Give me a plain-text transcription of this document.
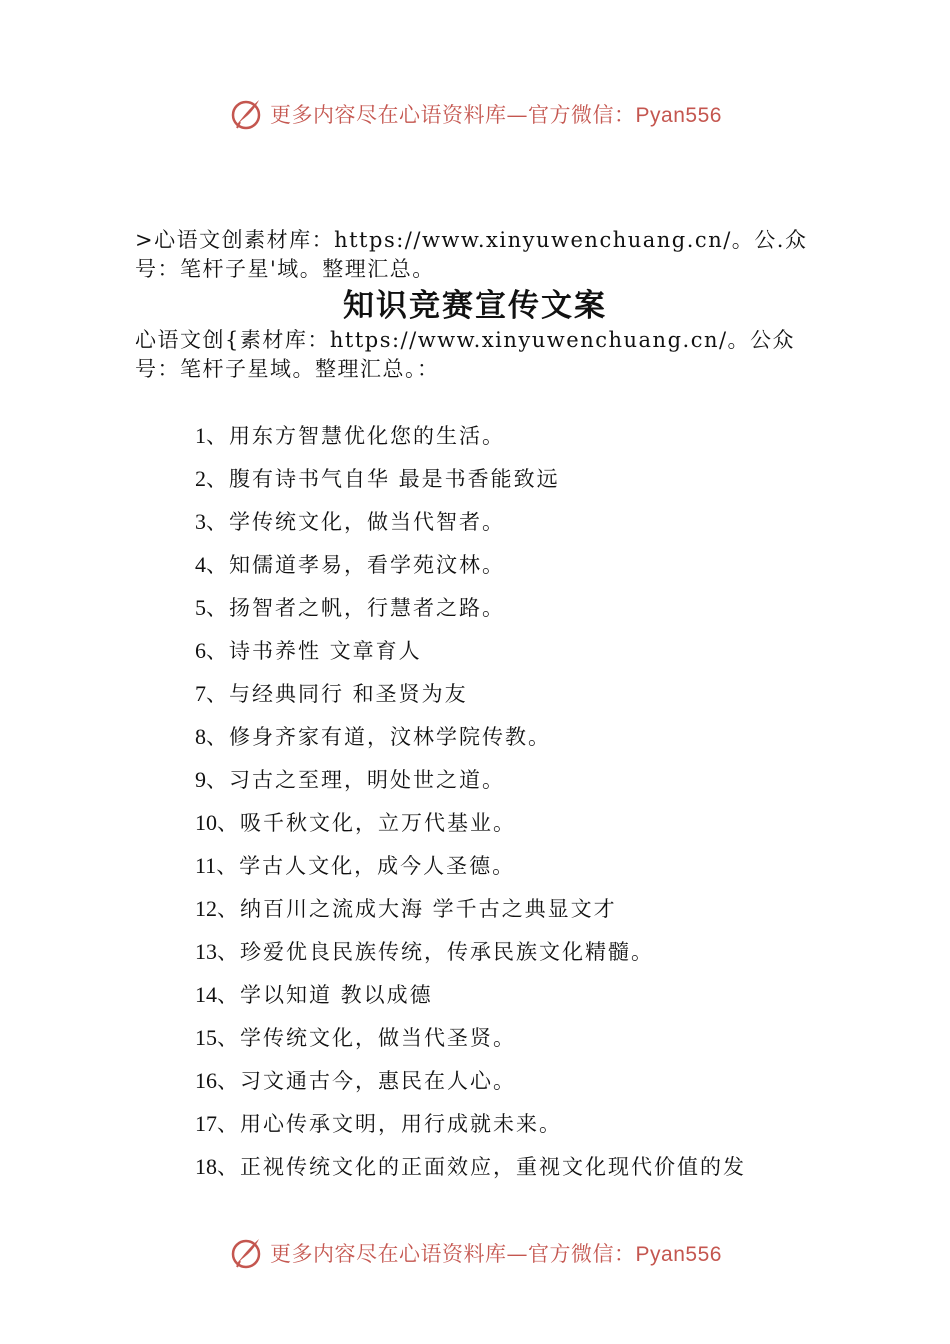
更多内容尽在心语资料库—官方微信：Pyan556
>心语文创素材库：https://www.xinyuwenchuang.cn/。公.众号：笔杆子星'域。整理汇总。
知识竞赛宣传文案
心语文创{素材库：https://www.xinyuwenchuang.cn/。公众号：笔杆子星域。整理汇总。：
1、用东方智慧优化您的生活。
2、腹有诗书气自华 最是书香能致远
3、学传统文化，做当代智者。
4、知儒道孝易，看学苑汶林。
5、扬智者之帆，行慧者之路。
6、诗书养性 文章育人
7、与经典同行 和圣贤为友
8、修身齐家有道，汶林学院传教。
9、习古之至理，明处世之道。
10、吸千秋文化，立万代基业。
11、学古人文化，成今人圣德。
12、纳百川之流成大海 学千古之典显文才
13、珍爱优良民族传统，传承民族文化精髓。
14、学以知道 教以成德
15、学传统文化，做当代圣贤。
16、习文通古今，惠民在人心。
17、用心传承文明，用行成就未来。
18、正视传统文化的正面效应，重视文化现代价值的发
更多内容尽在心语资料库—官方微信：Pyan556
